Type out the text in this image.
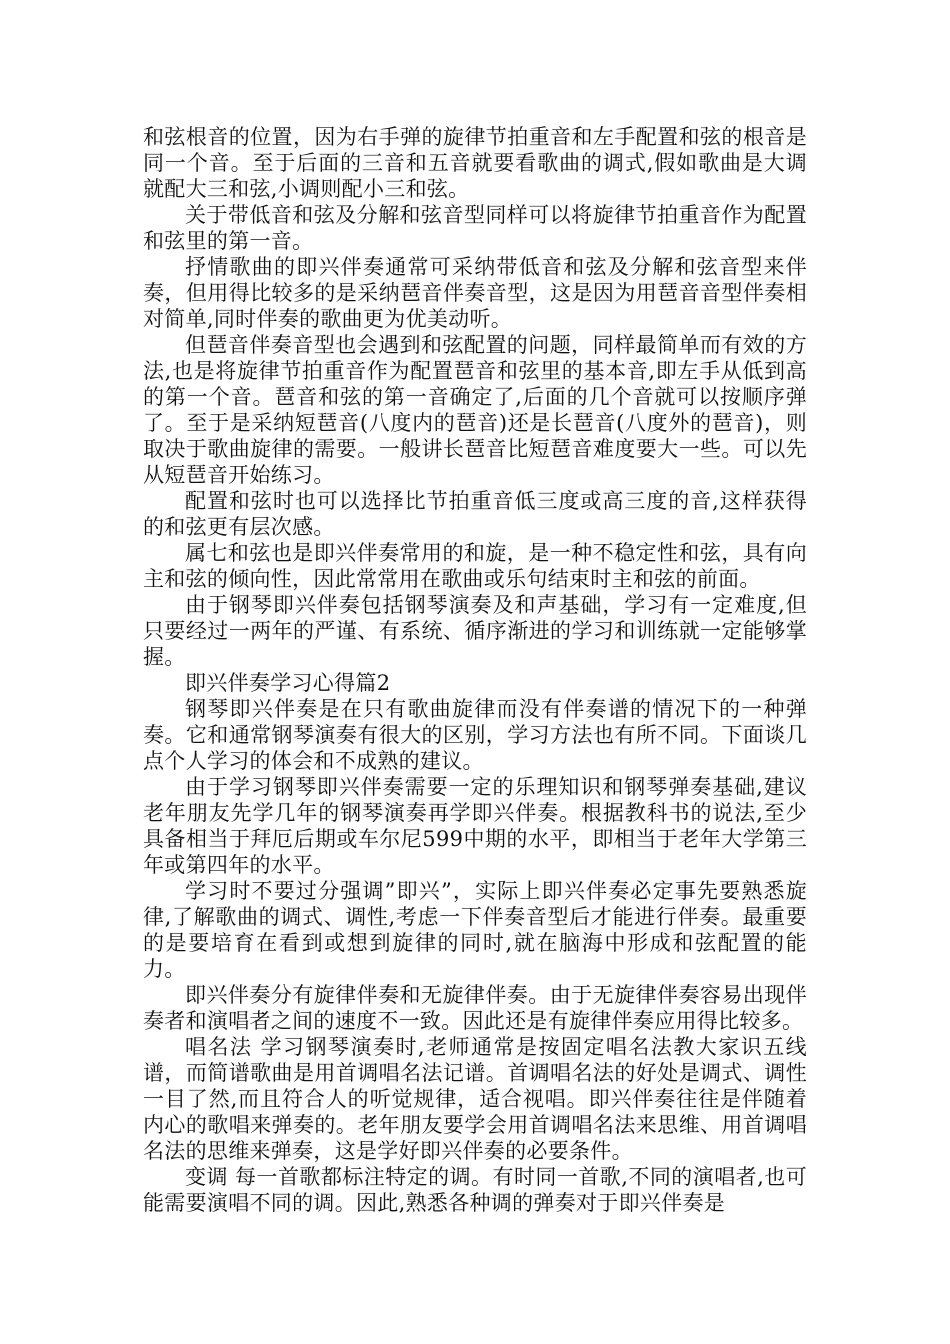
和弦根音的位置，因为右手弹的旋律节拍重音和左手配置和弦的根音是同一个音。至于后面的三音和五音就要看歌曲的调式,假如歌曲是大调就配大三和弦,小调则配小三和弦。

关于带低音和弦及分解和弦音型同样可以将旋律节拍重音作为配置和弦里的第一音。

抒情歌曲的即兴伴奏通常可采纳带低音和弦及分解和弦音型来伴奏，但用得比较多的是采纳琶音伴奏音型，这是因为用琶音音型伴奏相对简单,同时伴奏的歌曲更为优美动听。

但琶音伴奏音型也会遇到和弦配置的问题，同样最简单而有效的方法,也是将旋律节拍重音作为配置琶音和弦里的基本音,即左手从低到高的第一个音。琶音和弦的第一音确定了,后面的几个音就可以按顺序弹了。至于是采纳短琶音(八度内的琶音)还是长琶音(八度外的琶音)，则取决于歌曲旋律的需要。一般讲长琶音比短琶音难度要大一些。可以先从短琶音开始练习。

配置和弦时也可以选择比节拍重音低三度或高三度的音,这样获得的和弦更有层次感。

属七和弦也是即兴伴奏常用的和旋，是一种不稳定性和弦，具有向主和弦的倾向性，因此常常用在歌曲或乐句结束时主和弦的前面。

由于钢琴即兴伴奏包括钢琴演奏及和声基础，学习有一定难度,但只要经过一两年的严谨、有系统、循序渐进的学习和训练就一定能够掌握。

即兴伴奏学习心得篇2

钢琴即兴伴奏是在只有歌曲旋律而没有伴奏谱的情况下的一种弹奏。它和通常钢琴演奏有很大的区别，学习方法也有所不同。下面谈几点个人学习的体会和不成熟的建议。

由于学习钢琴即兴伴奏需要一定的乐理知识和钢琴弹奏基础,建议老年朋友先学几年的钢琴演奏再学即兴伴奏。根据教科书的说法,至少具备相当于拜厄后期或车尔尼599中期的水平，即相当于老年大学第三年或第四年的水平。

学习时不要过分强调”即兴”，实际上即兴伴奏必定事先要熟悉旋律,了解歌曲的调式、调性,考虑一下伴奏音型后才能进行伴奏。最重要的是要培育在看到或想到旋律的同时,就在脑海中形成和弦配置的能力。

即兴伴奏分有旋律伴奏和无旋律伴奏。由于无旋律伴奏容易出现伴奏者和演唱者之间的速度不一致。因此还是有旋律伴奏应用得比较多。

唱名法 学习钢琴演奏时,老师通常是按固定唱名法教大家识五线谱，而简谱歌曲是用首调唱名法记谱。首调唱名法的好处是调式、调性一目了然,而且符合人的听觉规律，适合视唱。即兴伴奏往往是伴随着内心的歌唱来弹奏的。老年朋友要学会用首调唱名法来思维、用首调唱名法的思维来弹奏，这是学好即兴伴奏的必要条件。

变调 每一首歌都标注特定的调。有时同一首歌,不同的演唱者,也可能需要演唱不同的调。因此,熟悉各种调的弹奏对于即兴伴奏是
